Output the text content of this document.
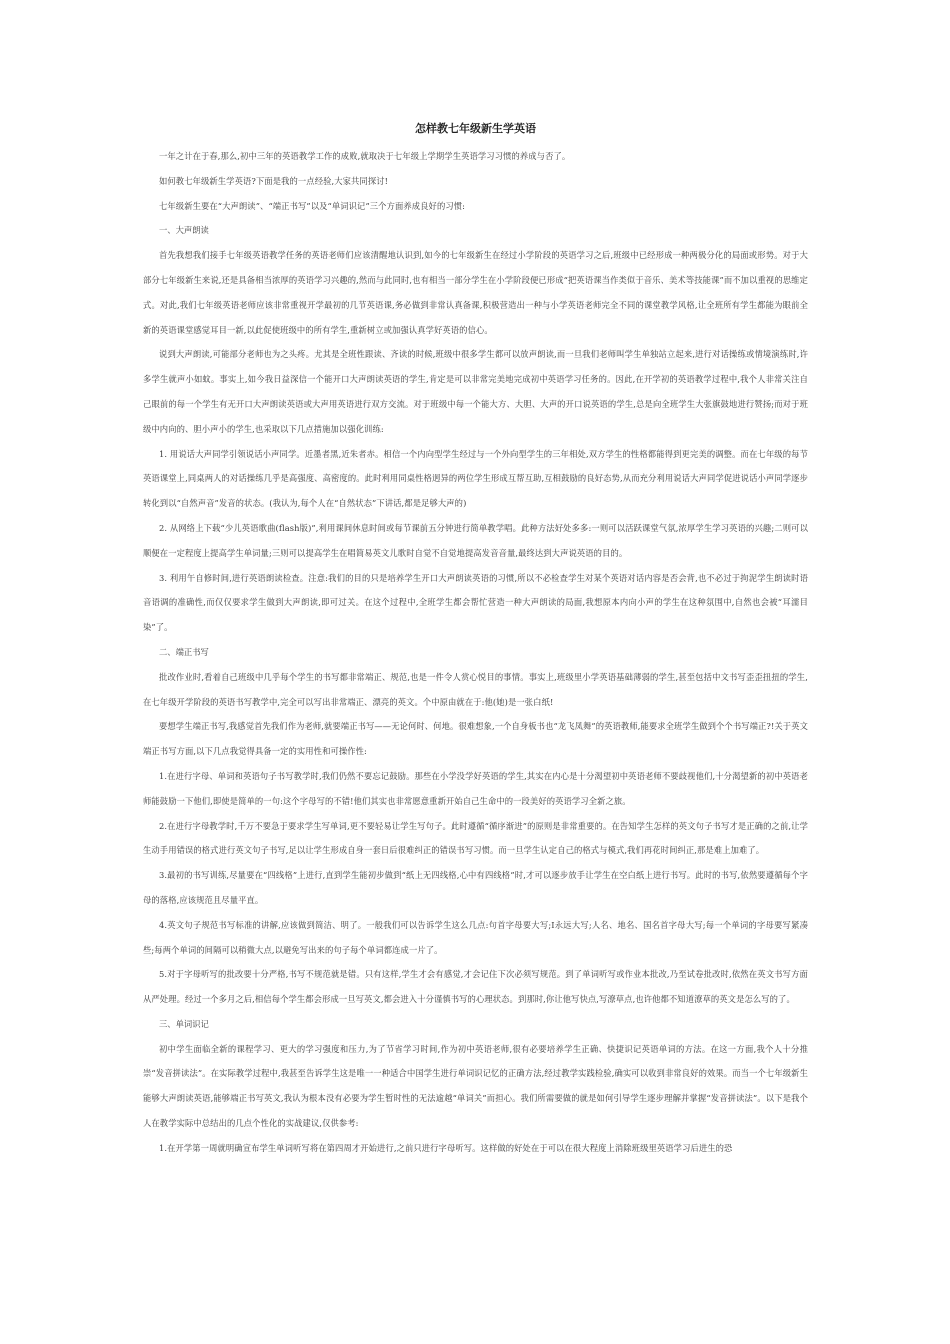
怎样教七年级新生学英语

一年之计在于春,那么,初中三年的英语教学工作的成败,就取决于七年级上学期学生英语学习习惯的养成与否了。

如何教七年级新生学英语?下面是我的一点经验,大家共同探讨!

七年级新生要在“大声朗读”、“端正书写”以及“单词识记”三个方面养成良好的习惯:

一、大声朗读

首先我想我们接手七年级英语教学任务的英语老师们应该清醒地认识到,如今的七年级新生在经过小学阶段的英语学习之后,班级中已经形成一种两极分化的局面或形势。对于大部分七年级新生来说,还是具备相当浓厚的英语学习兴趣的,然而与此同时,也有相当一部分学生在小学阶段便已形成“把英语课当作类似于音乐、美术等技能课”而不加以重视的思维定式。对此,我们七年级英语老师应该非常重视开学最初的几节英语课,务必做到非常认真备课,积极营造出一种与小学英语老师完全不同的课堂教学风格,让全班所有学生都能为眼前全新的英语课堂感觉耳目一新,以此促使班级中的所有学生,重新树立或加强认真学好英语的信心。

说到大声朗读,可能部分老师也为之头疼。尤其是全班性跟读、齐读的时候,班级中很多学生都可以放声朗读,而一旦我们老师叫学生单独站立起来,进行对话操练或情境演练时,许多学生就声小如蚊。事实上,如今我日益深信一个能开口大声朗读英语的学生,肯定是可以非常完美地完成初中英语学习任务的。因此,在开学初的英语教学过程中,我个人非常关注自己眼前的每一个学生有无开口大声朗读英语或大声用英语进行双方交流。对于班级中每一个能大方、大胆、大声的开口说英语的学生,总是向全班学生大张旗鼓地进行赞扬;而对于班级中内向的、胆小声小的学生,也采取以下几点措施加以强化训练:

1. 用说话大声同学引领说话小声同学。近墨者黑,近朱者赤。相信一个内向型学生经过与一个外向型学生的三年相处,双方学生的性格都能得到更完美的调整。而在七年级的每节英语课堂上,同桌两人的对话操练几乎是高强度、高密度的。此时利用同桌性格迥异的两位学生形成互帮互助,互相鼓励的良好态势,从而充分利用说话大声同学促进说话小声同学逐步转化到以“自然声音”发音的状态。(我认为,每个人在“自然状态”下讲话,都是足够大声的)

2. 从网络上下载“少儿英语歌曲(flash版)”,利用课间休息时间或每节课前五分钟进行简单教学唱。此种方法好处多多:一则可以活跃课堂气氛,浓厚学生学习英语的兴趣;二则可以顺便在一定程度上提高学生单词量;三则可以提高学生在唱简易英文儿歌时自觉不自觉地提高发音音量,最终达到大声说英语的目的。

3. 利用午自修时间,进行英语朗读检查。注意:我们的目的只是培养学生开口大声朗读英语的习惯,所以不必检查学生对某个英语对话内容是否会背,也不必过于拘泥学生朗读时语音语调的准确性,而仅仅要求学生做到大声朗读,即可过关。在这个过程中,全班学生都会帮忙营造一种大声朗读的局面,我想原本内向小声的学生在这种氛围中,自然也会被“耳濡目染”了。

二、端正书写

批改作业时,看着自己班级中几乎每个学生的书写都非常端正、规范,也是一件令人赏心悦目的事情。事实上,班级里小学英语基础薄弱的学生,甚至包括中文书写歪歪扭扭的学生,在七年级开学阶段的英语书写教学中,完全可以写出非常端正、漂亮的英文。个中原由就在于:他(她)是一张白纸!

要想学生端正书写,我感觉首先我们作为老师,就要端正书写——无论何时、何地。很难想象,一个自身板书也“龙飞凤舞”的英语教师,能要求全班学生做到个个书写端正?!关于英文端正书写方面,以下几点我觉得具备一定的实用性和可操作性:

1.在进行字母、单词和英语句子书写教学时,我们仍然不要忘记鼓励。那些在小学没学好英语的学生,其实在内心是十分渴望初中英语老师不要歧视他们,十分渴望新的初中英语老师能鼓励一下他们,即使是简单的一句:这个字母写的不错!他们其实也非常愿意重新开始自己生命中的一段美好的英语学习全新之旅。

2.在进行字母教学时,千万不要急于要求学生写单词,更不要轻易让学生写句子。此时遵循“循序渐进”的原则是非常重要的。在告知学生怎样的英文句子书写才是正确的之前,让学生动手用错误的格式进行英文句子书写,足以让学生形成自身一套日后很难纠正的错误书写习惯。而一旦学生认定自己的格式与模式,我们再花时间纠正,那是难上加难了。

3.最初的书写训练,尽量要在“四线格”上进行,直到学生能初步做到“纸上无四线格,心中有四线格”时,才可以逐步放手让学生在空白纸上进行书写。此时的书写,依然要遵循每个字母的落格,应该规范且尽量平直。

4.英文句子规范书写标准的讲解,应该做到简洁、明了。一般我们可以告诉学生这么几点:句首字母要大写;I永远大写;人名、地名、国名首字母大写;每一个单词的字母要写紧凑些;每两个单词的间隔可以稍微大点,以避免写出来的句子每个单词都连成一片了。

5.对于字母听写的批改要十分严格,书写不规范就是错。只有这样,学生才会有感觉,才会记住下次必须写规范。到了单词听写或作业本批改,乃至试卷批改时,依然在英文书写方面从严处理。经过一个多月之后,相信每个学生都会形成一旦写英文,都会进入十分谨慎书写的心理状态。到那时,你让他写快点,写潦草点,也许他都不知道潦草的英文是怎么写的了。

三、单词识记

初中学生面临全新的课程学习、更大的学习强度和压力,为了节省学习时间,作为初中英语老师,很有必要培养学生正确、快捷识记英语单词的方法。在这一方面,我个人十分推崇“发音拼读法”。在实际教学过程中,我甚至告诉学生这是唯一一种适合中国学生进行单词识记忆的正确方法,经过教学实践检验,确实可以收到非常良好的效果。而当一个七年级新生能够大声朗读英语,能够端正书写英文,我认为根本没有必要为学生暂时性的无法逾越“单词关”而担心。我们所需要做的就是如何引导学生逐步理解并掌握“发音拼读法”。以下是我个人在教学实际中总结出的几点个性化的实战建议,仅供参考:

1.在开学第一周就明确宣布学生单词听写将在第四周才开始进行,之前只进行字母听写。这样做的好处在于可以在很大程度上消除班级里英语学习后进生的恐
